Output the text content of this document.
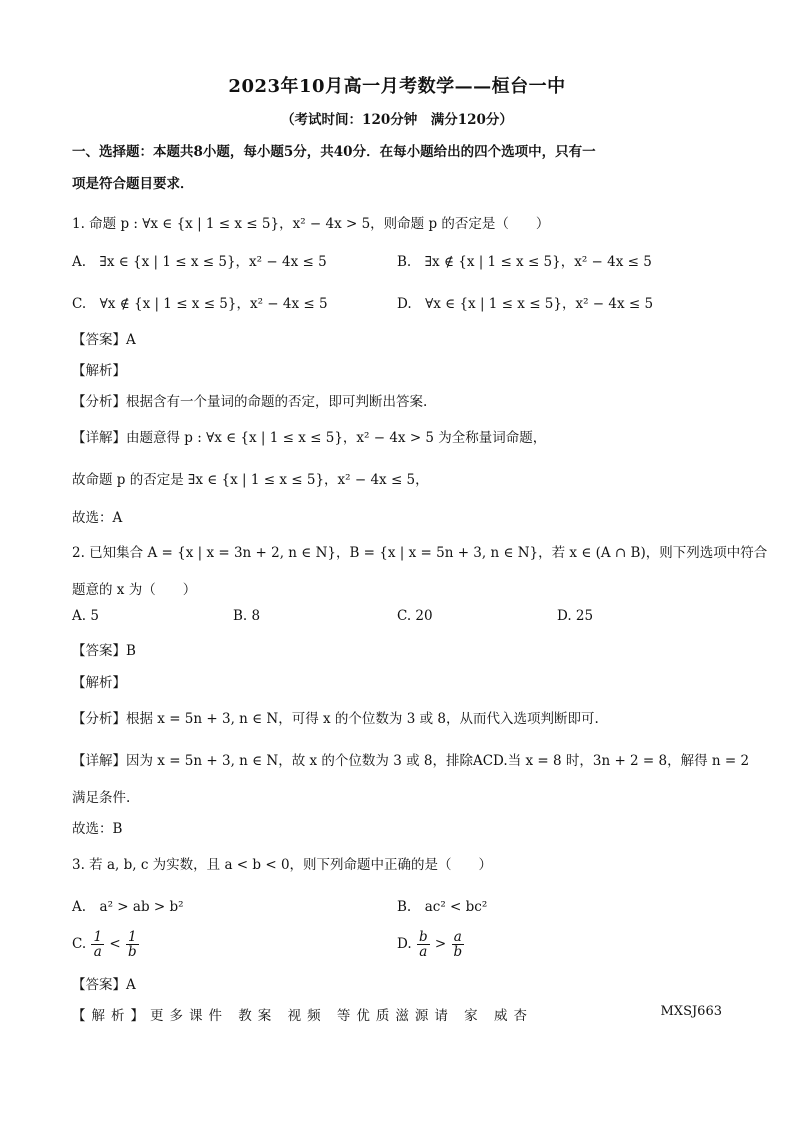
2023年10月高一月考数学——桓台一中
（考试时间：120分钟　满分120分）
一、选择题：本题共8小题，每小题5分，共40分．在每小题给出的四个选项中，只有一
项是符合题目要求．
1. 命题 p : ∀x ∈ {x | 1 ≤ x ≤ 5}，x² − 4x > 5，则命题 p 的否定是（　　）
A.　∃x ∈ {x | 1 ≤ x ≤ 5}，x² − 4x ≤ 5	B.　∃x ∉ {x | 1 ≤ x ≤ 5}，x² − 4x ≤ 5
C.　∀x ∉ {x | 1 ≤ x ≤ 5}，x² − 4x ≤ 5	D.　∀x ∈ {x | 1 ≤ x ≤ 5}，x² − 4x ≤ 5
【答案】A
【解析】
【分析】根据含有一个量词的命题的否定，即可判断出答案.
【详解】由题意得 p : ∀x ∈ {x | 1 ≤ x ≤ 5}，x² − 4x > 5 为全称量词命题，
故命题 p 的否定是 ∃x ∈ {x | 1 ≤ x ≤ 5}，x² − 4x ≤ 5，
故选：A
2. 已知集合 A = {x | x = 3n + 2, n ∈ N}，B = {x | x = 5n + 3, n ∈ N}，若 x ∈ (A ∩ B)，则下列选项中符合
题意的 x 为（　　）
A. 5	B. 8	C. 20	D. 25
【答案】B
【解析】
【分析】根据 x = 5n + 3, n ∈ N，可得 x 的个位数为 3 或 8，从而代入选项判断即可.
【详解】因为 x = 5n + 3, n ∈ N，故 x 的个位数为 3 或 8，排除ACD.当 x = 8 时，3n + 2 = 8，解得 n = 2
满足条件.
故选：B
3. 若 a, b, c 为实数，且 a < b < 0，则下列命题中正确的是（　　）
A.　a² > ab > b²	B.　ac² < bc²
C. $\frac{1}{a} < \frac{1}{b}$	D. $\frac{b}{a} > \frac{a}{b}$
【答案】A
【解析】更多课件 教案 视频 等优质滋源请 家 威杏	MXSJ663
